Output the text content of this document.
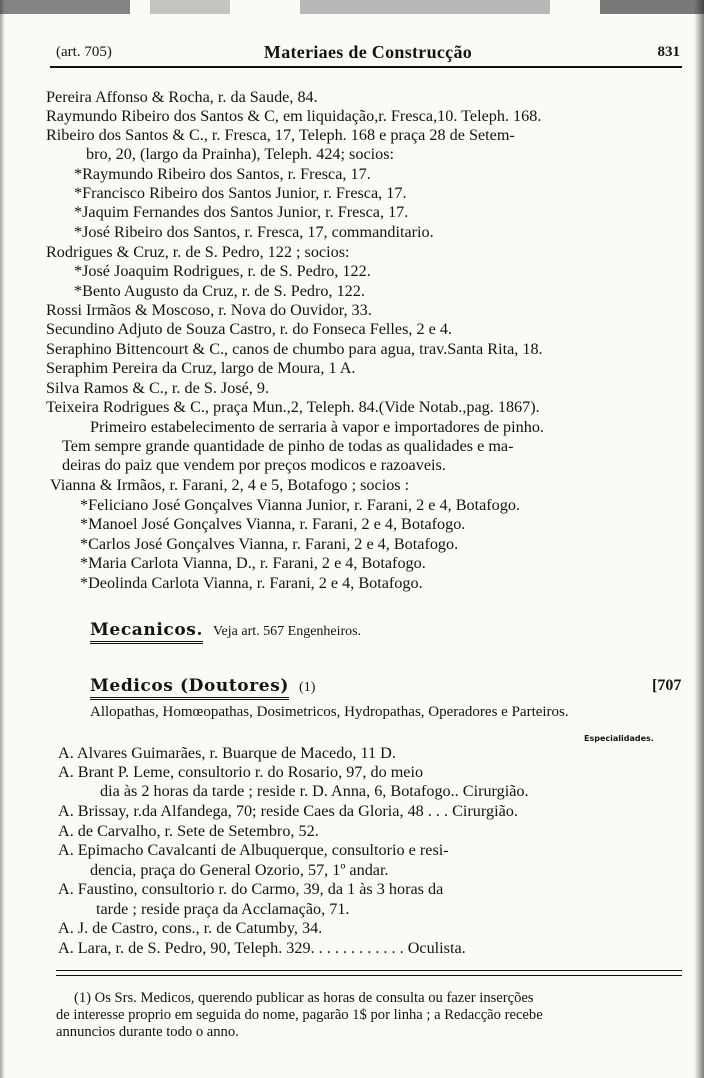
(art. 705)	Materiaes de Construcção	831
Pereira Affonso & Rocha, r. da Saude, 84.
Raymundo Ribeiro dos Santos & C, em liquidação,r. Fresca,10. Teleph. 168.
Ribeiro dos Santos & C., r. Fresca, 17, Teleph. 168 e praça 28 de Setem-
bro, 20, (largo da Prainha), Teleph. 424; socios:
*Raymundo Ribeiro dos Santos, r. Fresca, 17.
*Francisco Ribeiro dos Santos Junior, r. Fresca, 17.
*Jaquim Fernandes dos Santos Junior, r. Fresca, 17.
*José Ribeiro dos Santos, r. Fresca, 17, commanditario.
Rodrigues & Cruz, r. de S. Pedro, 122 ; socios:
*José Joaquim Rodrigues, r. de S. Pedro, 122.
*Bento Augusto da Cruz, r. de S. Pedro, 122.
Rossi Irmãos & Moscoso, r. Nova do Ouvidor, 33.
Secundino Adjuto de Souza Castro, r. do Fonseca Felles, 2 e 4.
Seraphino Bittencourt & C., canos de chumbo para agua, trav.Santa Rita, 18.
Seraphim Pereira da Cruz, largo de Moura, 1 A.
Silva Ramos & C., r. de S. José, 9.
Teixeira Rodrigues & C., praça Mun.,2, Teleph. 84.(Vide Notab.,pag. 1867).
Primeiro estabelecimento de serraria à vapor e importadores de pinho.
Tem sempre grande quantidade de pinho de todas as qualidades e ma-
deiras do paiz que vendem por preços modicos e razoaveis.
Vianna & Irmãos, r. Farani, 2, 4 e 5, Botafogo ; socios :
*Feliciano José Gonçalves Vianna Junior, r. Farani, 2 e 4, Botafogo.
*Manoel José Gonçalves Vianna, r. Farani, 2 e 4, Botafogo.
*Carlos José Gonçalves Vianna, r. Farani, 2 e 4, Botafogo.
*Maria Carlota Vianna, D., r. Farani, 2 e 4, Botafogo.
*Deolinda Carlota Vianna, r. Farani, 2 e 4, Botafogo.
Mecanicos. Veja art. 567 Engenheiros.
Medicos (Doutores) (1)	[707
Allopathas, Homœopathas, Dosimetricos, Hydropathas, Operadores e Parteiros.
Especialidades.
A. Alvares Guimarães, r. Buarque de Macedo, 11 D.
A. Brant P. Leme, consultorio r. do Rosario, 97, do meio
dia às 2 horas da tarde ; reside r. D. Anna, 6, Botafogo.. Cirurgião.
A. Brissay, r.da Alfandega, 70; reside Caes da Gloria, 48 . . . Cirurgião.
A. de Carvalho, r. Sete de Setembro, 52.
A. Epimacho Cavalcanti de Albuquerque, consultorio e resi-
dencia, praça do General Ozorio, 57, 1º andar.
A. Faustino, consultorio r. do Carmo, 39, da 1 às 3 horas da
tarde ; reside praça da Acclamação, 71.
A. J. de Castro, cons., r. de Catumby, 34.
A. Lara, r. de S. Pedro, 90, Teleph. 329. . . . . . . . . . . . Oculista.
(1) Os Srs. Medicos, querendo publicar as horas de consulta ou fazer inserções
de interesse proprio em seguida do nome, pagarão 1$ por linha ; a Redacção recebe
annuncios durante todo o anno.
